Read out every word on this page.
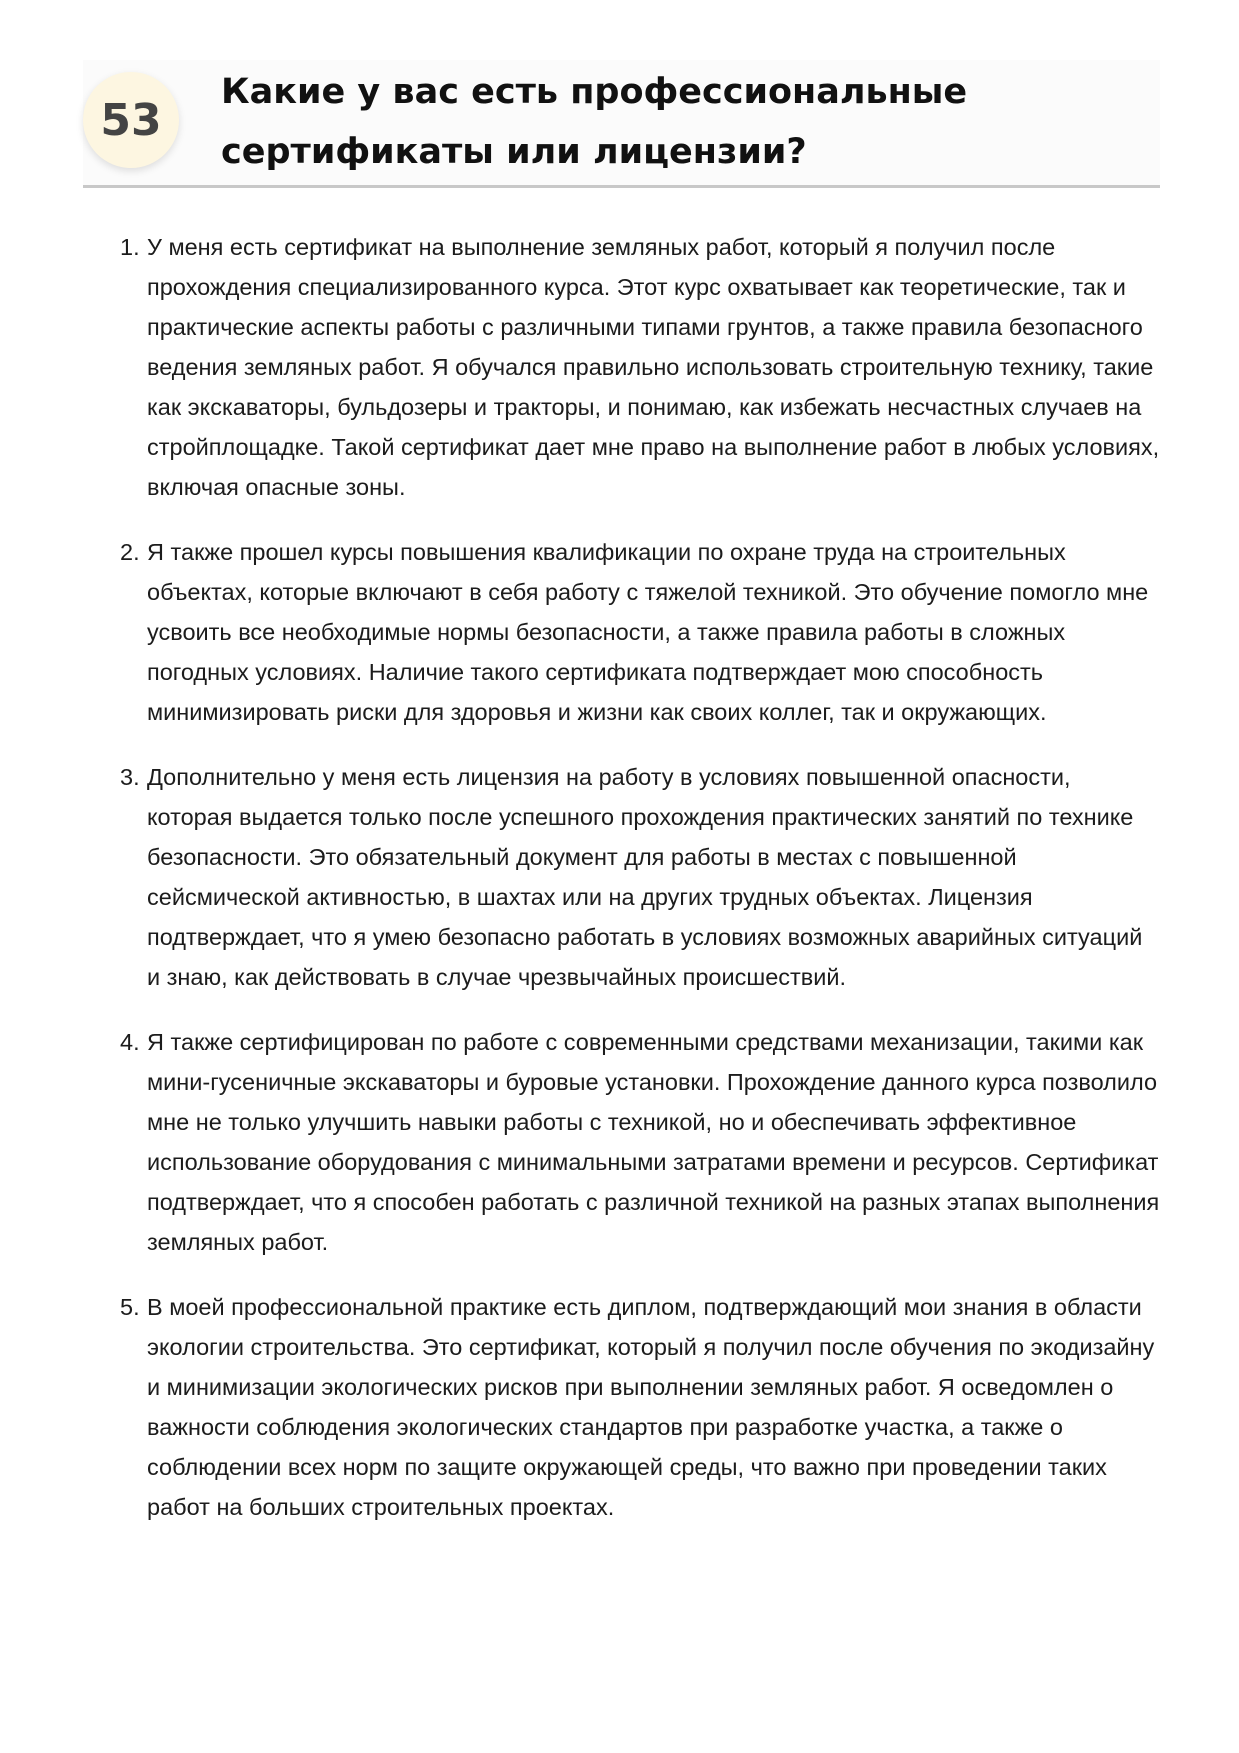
53
Какие у вас есть профессиональные сертификаты или лицензии?
1. У меня есть сертификат на выполнение земляных работ, который я получил после прохождения специализированного курса. Этот курс охватывает как теоретические, так и практические аспекты работы с различными типами грунтов, а также правила безопасного ведения земляных работ. Я обучался правильно использовать строительную технику, такие как экскаваторы, бульдозеры и тракторы, и понимаю, как избежать несчастных случаев на стройплощадке. Такой сертификат дает мне право на выполнение работ в любых условиях, включая опасные зоны.
2. Я также прошел курсы повышения квалификации по охране труда на строительных объектах, которые включают в себя работу с тяжелой техникой. Это обучение помогло мне усвоить все необходимые нормы безопасности, а также правила работы в сложных погодных условиях. Наличие такого сертификата подтверждает мою способность минимизировать риски для здоровья и жизни как своих коллег, так и окружающих.
3. Дополнительно у меня есть лицензия на работу в условиях повышенной опасности, которая выдается только после успешного прохождения практических занятий по технике безопасности. Это обязательный документ для работы в местах с повышенной сейсмической активностью, в шахтах или на других трудных объектах. Лицензия подтверждает, что я умею безопасно работать в условиях возможных аварийных ситуаций и знаю, как действовать в случае чрезвычайных происшествий.
4. Я также сертифицирован по работе с современными средствами механизации, такими как мини-гусеничные экскаваторы и буровые установки. Прохождение данного курса позволило мне не только улучшить навыки работы с техникой, но и обеспечивать эффективное использование оборудования с минимальными затратами времени и ресурсов. Сертификат подтверждает, что я способен работать с различной техникой на разных этапах выполнения земляных работ.
5. В моей профессиональной практике есть диплом, подтверждающий мои знания в области экологии строительства. Это сертификат, который я получил после обучения по экодизайну и минимизации экологических рисков при выполнении земляных работ. Я осведомлен о важности соблюдения экологических стандартов при разработке участка, а также о соблюдении всех норм по защите окружающей среды, что важно при проведении таких работ на больших строительных проектах.
